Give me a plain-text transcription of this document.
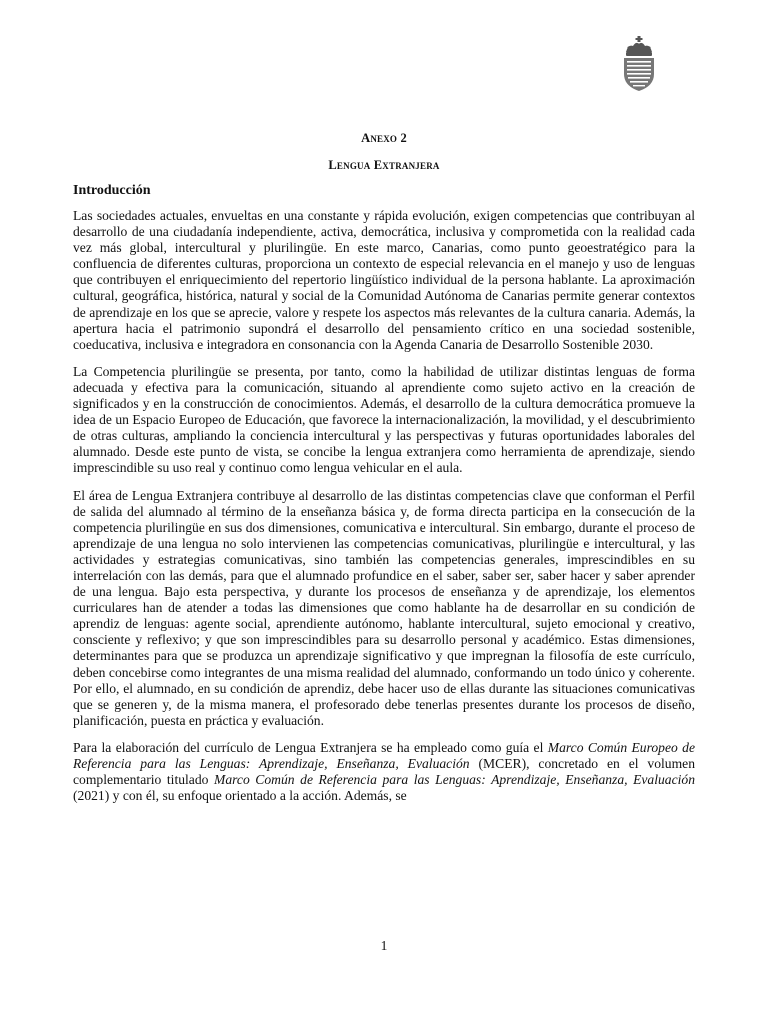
Anexo 2
Lengua Extranjera
Introducción

Las sociedades actuales, envueltas en una constante y rápida evolución, exigen competencias que contribuyan al desarrollo de una ciudadanía independiente, activa, democrática, inclusiva y comprometida con la realidad cada vez más global, intercultural y plurilingüe. En este marco, Canarias, como punto geoestratégico para la confluencia de diferentes culturas, proporciona un contexto de especial relevancia en el manejo y uso de lenguas que contribuyen el enriquecimiento del repertorio lingüístico individual de la persona hablante. La aproximación cultural, geográfica, histórica, natural y social de la Comunidad Autónoma de Canarias permite generar contextos de aprendizaje en los que se aprecie, valore y respete los aspectos más relevantes de la cultura canaria. Además, la apertura hacia el patrimonio supondrá el desarrollo del pensamiento crítico en una sociedad sostenible, coeducativa, inclusiva e integradora en consonancia con la Agenda Canaria de Desarrollo Sostenible 2030.

La Competencia plurilingüe se presenta, por tanto, como la habilidad de utilizar distintas lenguas de forma adecuada y efectiva para la comunicación, situando al aprendiente como sujeto activo en la creación de significados y en la construcción de conocimientos. Además, el desarrollo de la cultura democrática promueve la idea de un Espacio Europeo de Educación, que favorece la internacionalización, la movilidad, y el descubrimiento de otras culturas, ampliando la conciencia intercultural y las perspectivas y futuras oportunidades laborales del alumnado. Desde este punto de vista, se concibe la lengua extranjera como herramienta de aprendizaje, siendo imprescindible su uso real y continuo como lengua vehicular en el aula.

El área de Lengua Extranjera contribuye al desarrollo de las distintas competencias clave que conforman el Perfil de salida del alumnado al término de la enseñanza básica y, de forma directa participa en la consecución de la competencia plurilingüe en sus dos dimensiones, comunicativa e intercultural. Sin embargo, durante el proceso de aprendizaje de una lengua no solo intervienen las competencias comunicativas, plurilingüe e intercultural, y las actividades y estrategias comunicativas, sino también las competencias generales, imprescindibles en su interrelación con las demás, para que el alumnado profundice en el saber, saber ser, saber hacer y saber aprender de una lengua. Bajo esta perspectiva, y durante los procesos de enseñanza y de aprendizaje, los elementos curriculares han de atender a todas las dimensiones que como hablante ha de desarrollar en su condición de aprendiz de lenguas: agente social, aprendiente autónomo, hablante intercultural, sujeto emocional y creativo, consciente y reflexivo; y que son imprescindibles para su desarrollo personal y académico. Estas dimensiones, determinantes para que se produzca un aprendizaje significativo y que impregnan la filosofía de este currículo, deben concebirse como integrantes de una misma realidad del alumnado, conformando un todo único y coherente. Por ello, el alumnado, en su condición de aprendiz, debe hacer uso de ellas durante las situaciones comunicativas que se generen y, de la misma manera, el profesorado debe tenerlas presentes durante los procesos de diseño, planificación, puesta en práctica y evaluación.

Para la elaboración del currículo de Lengua Extranjera se ha empleado como guía el Marco Común Europeo de Referencia para las Lenguas: Aprendizaje, Enseñanza, Evaluación (MCER), concretado en el volumen complementario titulado Marco Común de Referencia para las Lenguas: Aprendizaje, Enseñanza, Evaluación (2021) y con él, su enfoque orientado a la acción. Además, se

1
